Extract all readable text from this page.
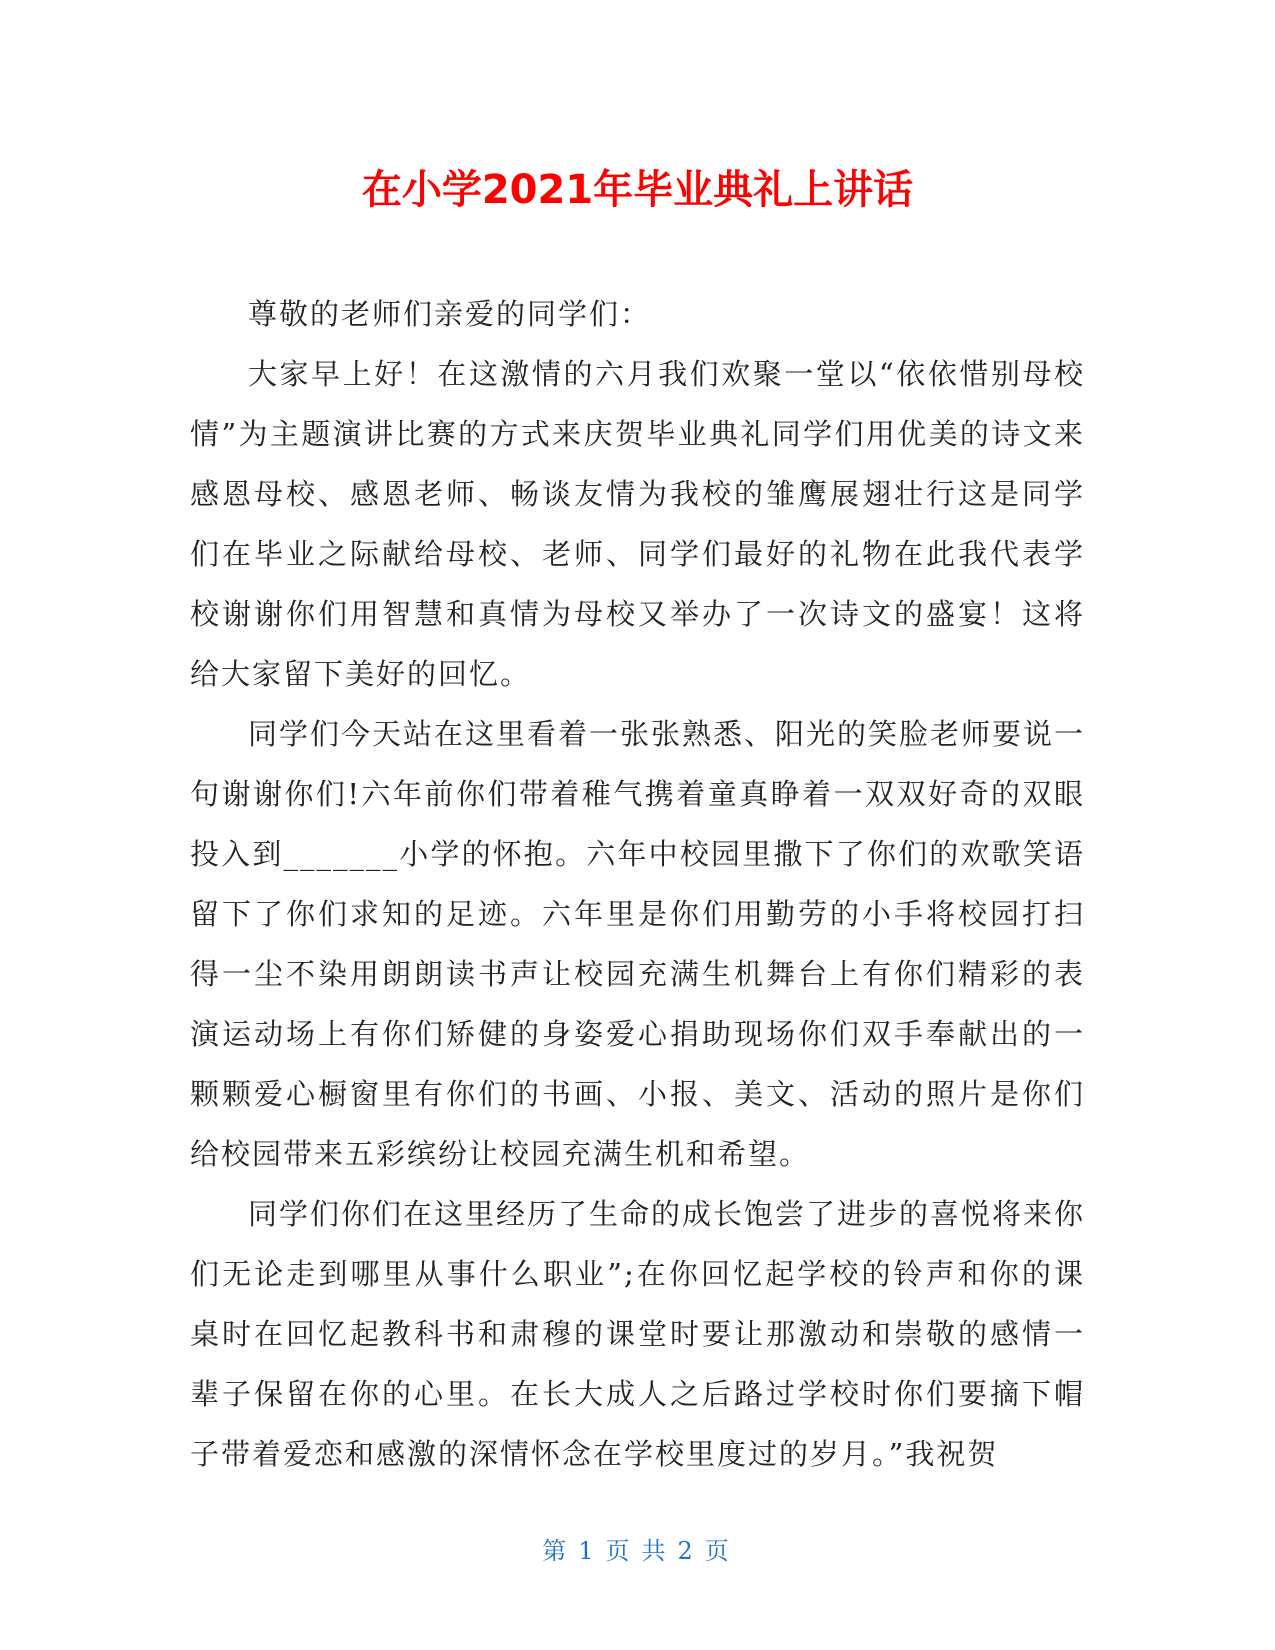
在小学2021年毕业典礼上讲话

尊敬的老师们亲爱的同学们：

大家早上好！在这激情的六月我们欢聚一堂以“依依惜别母校情”为主题演讲比赛的方式来庆贺毕业典礼同学们用优美的诗文来感恩母校、感恩老师、畅谈友情为我校的雏鹰展翅壮行这是同学们在毕业之际献给母校、老师、同学们最好的礼物在此我代表学校谢谢你们用智慧和真情为母校又举办了一次诗文的盛宴！这将给大家留下美好的回忆。

同学们今天站在这里看着一张张熟悉、阳光的笑脸老师要说一句谢谢你们!六年前你们带着稚气携着童真睁着一双双好奇的双眼投入到_______小学的怀抱。六年中校园里撒下了你们的欢歌笑语留下了你们求知的足迹。六年里是你们用勤劳的小手将校园打扫得一尘不染用朗朗读书声让校园充满生机舞台上有你们精彩的表演运动场上有你们矫健的身姿爱心捐助现场你们双手奉献出的一颗颗爱心橱窗里有你们的书画、小报、美文、活动的照片是你们给校园带来五彩缤纷让校园充满生机和希望。

同学们你们在这里经历了生命的成长饱尝了进步的喜悦将来你们无论走到哪里从事什么职业”;在你回忆起学校的铃声和你的课桌时在回忆起教科书和肃穆的课堂时要让那激动和崇敬的感情一辈子保留在你的心里。在长大成人之后路过学校时你们要摘下帽子带着爱恋和感激的深情怀念在学校里度过的岁月。”我祝贺

第 1 页 共 2 页
